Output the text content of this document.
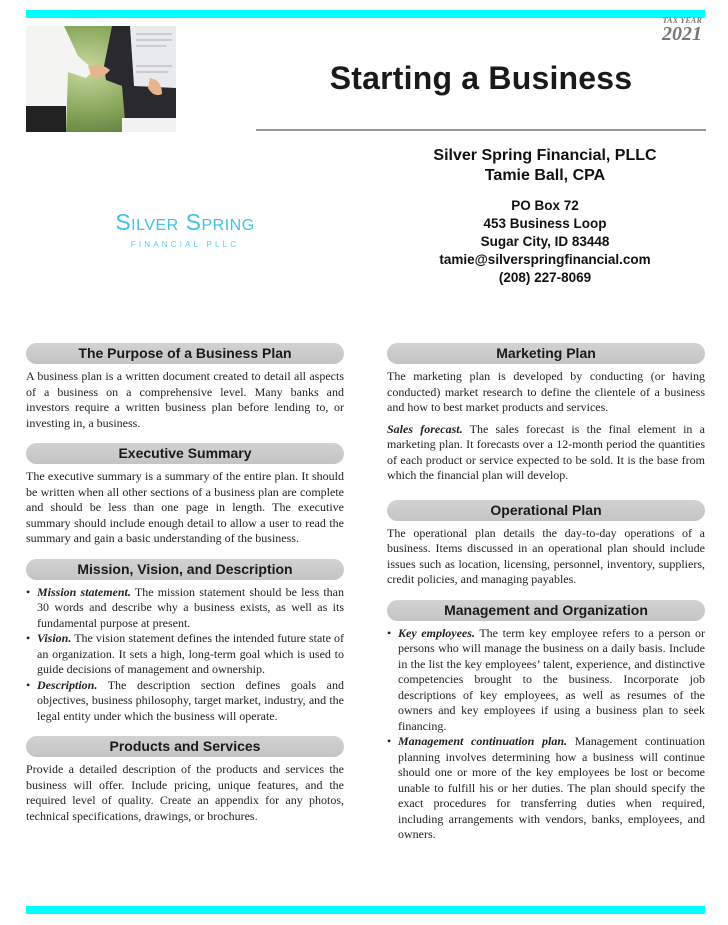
TAX YEAR
2021
Starting a Business
Silver Spring
FINANCIAL PLLC
Silver Spring Financial, PLLC
Tamie Ball, CPA
PO Box 72
453 Business Loop
Sugar City, ID 83448
tamie@silverspringfinancial.com
(208) 227-8069
The Purpose of a Business Plan

A business plan is a written document created to detail all aspects of a business on a comprehensive level. Many banks and investors require a written business plan before lending to, or investing in, a business.

Executive Summary

The executive summary is a summary of the entire plan. It should be written when all other sections of a business plan are complete and should be less than one page in length. The executive summary should include enough detail to allow a user to read the summary and gain a basic understanding of the business.

Mission, Vision, and Description
• Mission statement. The mission statement should be less than 30 words and describe why a business exists, as well as its fundamental purpose at present.
• Vision. The vision statement defines the intended future state of an organization. It sets a high, long-term goal which is used to guide decisions of management and ownership.
• Description. The description section defines goals and objectives, business philosophy, target market, industry, and the legal entity under which the business will operate.
Products and Services

Provide a detailed description of the products and services the business will offer. Include pricing, unique features, and the required level of quality. Create an appendix for any photos, technical specifications, drawings, or brochures.

Marketing Plan

The marketing plan is developed by conducting (or having conducted) market research to define the clientele of a business and how to best market products and services.

Sales forecast. The sales forecast is the final element in a marketing plan. It forecasts over a 12-month period the quantities of each product or service expected to be sold. It is the base from which the financial plan will develop.

Operational Plan

The operational plan details the day-to-day operations of a business. Items discussed in an operational plan should include issues such as location, licensing, personnel, inventory, suppliers, credit policies, and managing payables.

Management and Organization
• Key employees. The term key employee refers to a person or persons who will manage the business on a daily basis. Include in the list the key employees’ talent, experience, and distinctive competencies brought to the business. Incorporate job descriptions of key employees, as well as resumes of the owners and key employees if using a business plan to seek financing.
• Management continuation plan. Management continuation planning involves determining how a business will continue should one or more of the key employees be lost or become unable to fulfill his or her duties. The plan should specify the exact procedures for transferring duties when required, including arrangements with vendors, banks, employees, and owners.
